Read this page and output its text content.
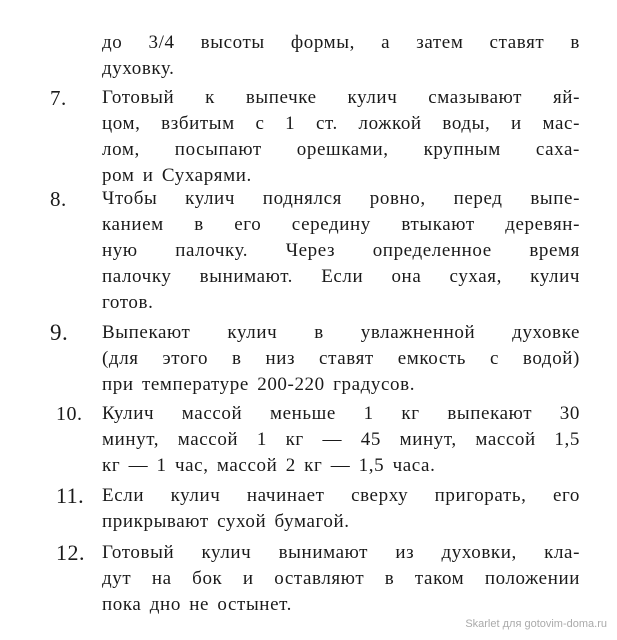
до 3/4 высоты формы, а затем ставят в
духовку.
7. Готовый к выпечке кулич смазывают яй-
цом, взбитым с 1 ст. ложкой воды, и мас-
лом, посыпают орешками, крупным саха-
ром и Сухарями.
8. Чтобы кулич поднялся ровно, перед выпе-
канием в его середину втыкают деревян-
ную палочку. Через определенное время
палочку вынимают. Если она сухая, кулич
готов.
9. Выпекают кулич в увлажненной духовке
(для этого в низ ставят емкость с водой)
при температуре 200-220 градусов.
10. Кулич массой меньше 1 кг выпекают 30
минут, массой 1 кг — 45 минут, массой 1,5
кг — 1 час, массой 2 кг — 1,5 часа.
11. Если кулич начинает сверху пригорать, его
прикрывают сухой бумагой.
12. Готовый кулич вынимают из духовки, кла-
дут на бок и оставляют в таком положении
пока дно не остынет.
Skarlet для gotovim-doma.ru
